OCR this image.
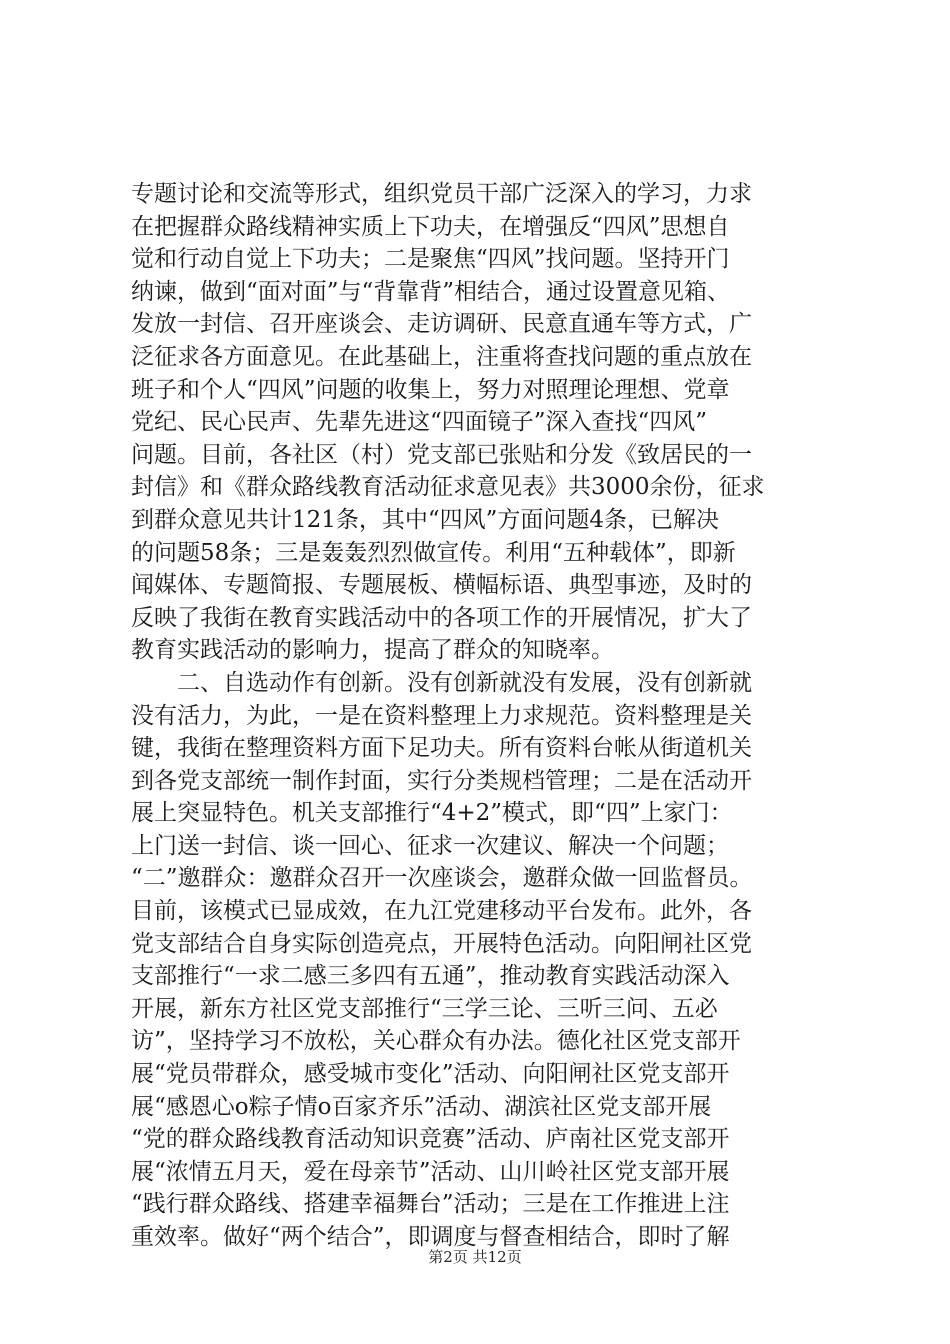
专题讨论和交流等形式，组织党员干部广泛深入的学习，力求
在把握群众路线精神实质上下功夫，在增强反“四风”思想自
觉和行动自觉上下功夫；二是聚焦“四风”找问题。坚持开门
纳谏，做到“面对面”与“背靠背”相结合，通过设置意见箱、
发放一封信、召开座谈会、走访调研、民意直通车等方式，广
泛征求各方面意见。在此基础上，注重将查找问题的重点放在
班子和个人“四风”问题的收集上，努力对照理论理想、党章
党纪、民心民声、先辈先进这“四面镜子”深入查找“四风”
问题。目前，各社区（村）党支部已张贴和分发《致居民的一
封信》和《群众路线教育活动征求意见表》共3000余份，征求
到群众意见共计121条，其中“四风”方面问题4条，已解决
的问题58条；三是轰轰烈烈做宣传。利用“五种载体”，即新
闻媒体、专题简报、专题展板、横幅标语、典型事迹，及时的
反映了我街在教育实践活动中的各项工作的开展情况，扩大了
教育实践活动的影响力，提高了群众的知晓率。
　　二、自选动作有创新。没有创新就没有发展，没有创新就
没有活力，为此，一是在资料整理上力求规范。资料整理是关
键，我街在整理资料方面下足功夫。所有资料台帐从街道机关
到各党支部统一制作封面，实行分类规档管理；二是在活动开
展上突显特色。机关支部推行“4+2”模式，即“四”上家门：
上门送一封信、谈一回心、征求一次建议、解决一个问题；
“二”邀群众：邀群众召开一次座谈会，邀群众做一回监督员。
目前，该模式已显成效，在九江党建移动平台发布。此外，各
党支部结合自身实际创造亮点，开展特色活动。向阳闸社区党
支部推行“一求二感三多四有五通”，推动教育实践活动深入
开展，新东方社区党支部推行“三学三论、三听三问、五必
访”，坚持学习不放松，关心群众有办法。德化社区党支部开
展“党员带群众，感受城市变化”活动、向阳闸社区党支部开
展“感恩心o粽子情o百家齐乐”活动、湖滨社区党支部开展
“党的群众路线教育活动知识竞赛”活动、庐南社区党支部开
展“浓情五月天，爱在母亲节”活动、山川岭社区党支部开展
“践行群众路线、搭建幸福舞台”活动；三是在工作推进上注
重效率。做好“两个结合”，即调度与督查相结合，即时了解
第2页 共12页
